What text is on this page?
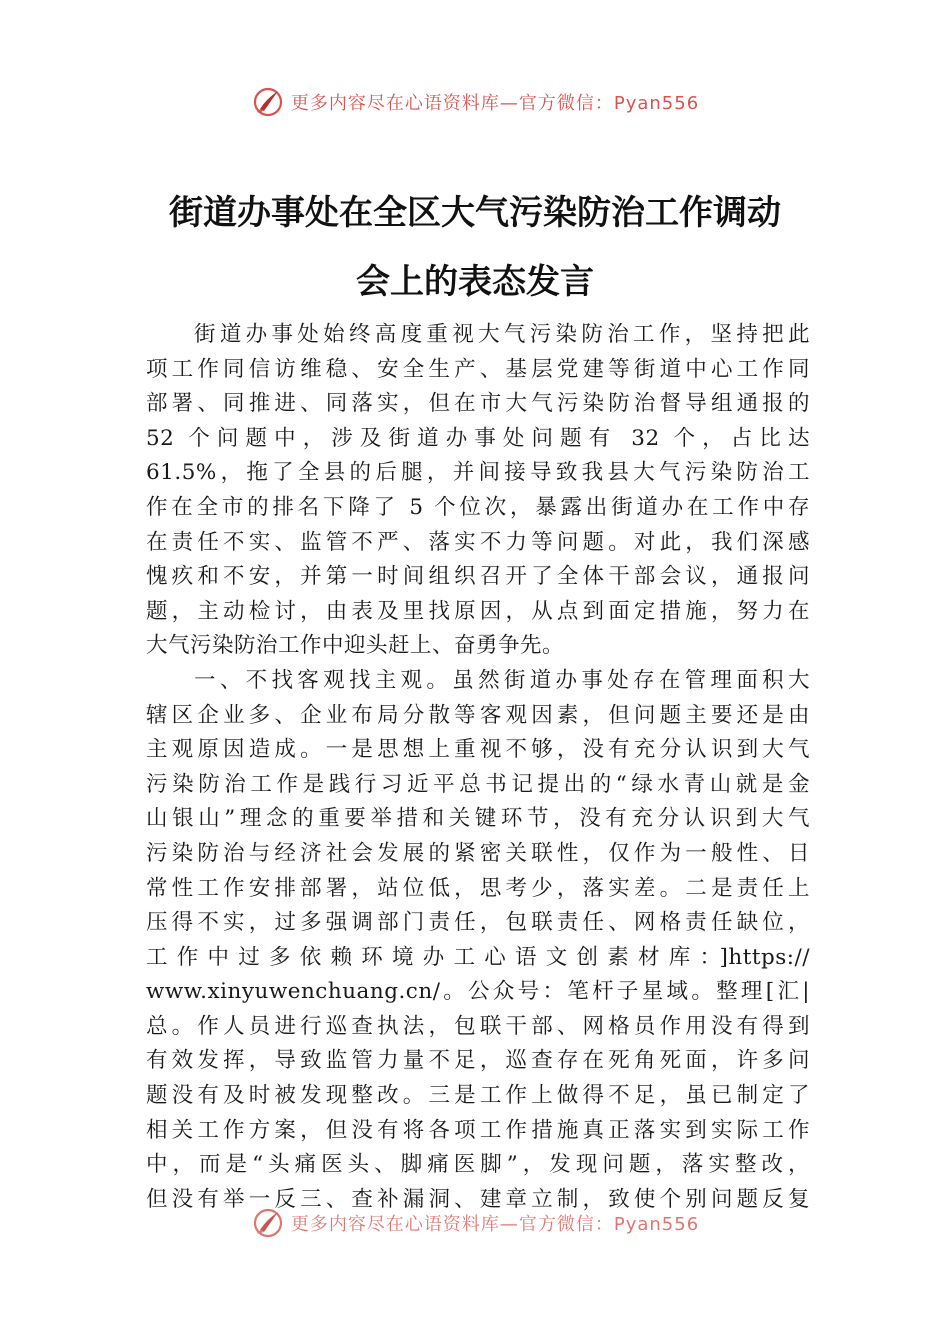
更多内容尽在心语资料库—官方微信：Pyan556
街道办事处在全区大气污染防治工作调动
会上的表态发言
街道办事处始终高度重视大气污染防治工作，坚持把此
项工作同信访维稳、安全生产、基层党建等街道中心工作同
部署、同推进、同落实，但在市大气污染防治督导组通报的
52 个问题中，涉及街道办事处问题有 32 个，占比达
61.5%，拖了全县的后腿，并间接导致我县大气污染防治工
作在全市的排名下降了 5 个位次，暴露出街道办在工作中存
在责任不实、监管不严、落实不力等问题。对此，我们深感
愧疚和不安，并第一时间组织召开了全体干部会议，通报问
题，主动检讨，由表及里找原因，从点到面定措施，努力在
大气污染防治工作中迎头赶上、奋勇争先。
一、不找客观找主观。虽然街道办事处存在管理面积大
辖区企业多、企业布局分散等客观因素，但问题主要还是由
主观原因造成。一是思想上重视不够，没有充分认识到大气
污染防治工作是践行习近平总书记提出的“绿水青山就是金
山银山”理念的重要举措和关键环节，没有充分认识到大气
污染防治与经济社会发展的紧密关联性，仅作为一般性、日
常性工作安排部署，站位低，思考少，落实差。二是责任上
压得不实，过多强调部门责任，包联责任、网格责任缺位，
工作中过多依赖环境办工心语文创素材库：]https://
www.xinyuwenchuang.cn/。公众号：笔杆子星域。整理[汇|
总。作人员进行巡查执法，包联干部、网格员作用没有得到
有效发挥，导致监管力量不足，巡查存在死角死面，许多问
题没有及时被发现整改。三是工作上做得不足，虽已制定了
相关工作方案，但没有将各项工作措施真正落实到实际工作
中，而是“头痛医头、脚痛医脚”，发现问题，落实整改，
但没有举一反三、查补漏洞、建章立制，致使个别问题反复
更多内容尽在心语资料库—官方微信：Pyan556
